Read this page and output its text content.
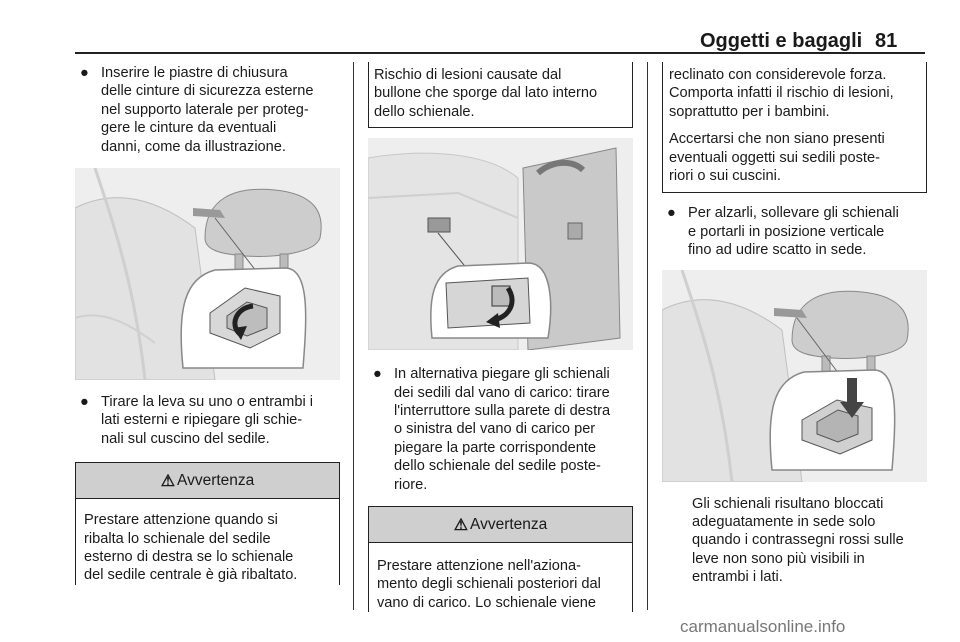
Oggetti e bagagli 81
● Inserire le piastre di chiusura
delle cinture di sicurezza esterne
nel supporto laterale per proteg-
gere le cinture da eventuali
danni, come da illustrazione.
● Tirare la leva su uno o entrambi i
lati esterni e ripiegare gli schie-
nali sul cuscino del sedile.
⚠ Avvertenza
Prestare attenzione quando si
ribalta lo schienale del sedile
esterno di destra se lo schienale
del sedile centrale è già ribaltato.
Rischio di lesioni causate dal
bullone che sporge dal lato interno
dello schienale.
● In alternativa piegare gli schienali
dei sedili dal vano di carico: tirare
l'interruttore sulla parete di destra
o sinistra del vano di carico per
piegare la parte corrispondente
dello schienale del sedile poste-
riore.
⚠ Avvertenza
Prestare attenzione nell'aziona-
mento degli schienali posteriori dal
vano di carico. Lo schienale viene
reclinato con considerevole forza.
Comporta infatti il rischio di lesioni,
soprattutto per i bambini.
Accertarsi che non siano presenti
eventuali oggetti sui sedili poste-
riori o sui cuscini.
● Per alzarli, sollevare gli schienali
e portarli in posizione verticale
fino ad udire scatto in sede.
Gli schienali risultano bloccati
adeguatamente in sede solo
quando i contrassegni rossi sulle
leve non sono più visibili in
entrambi i lati.
carmanualsonline.info
